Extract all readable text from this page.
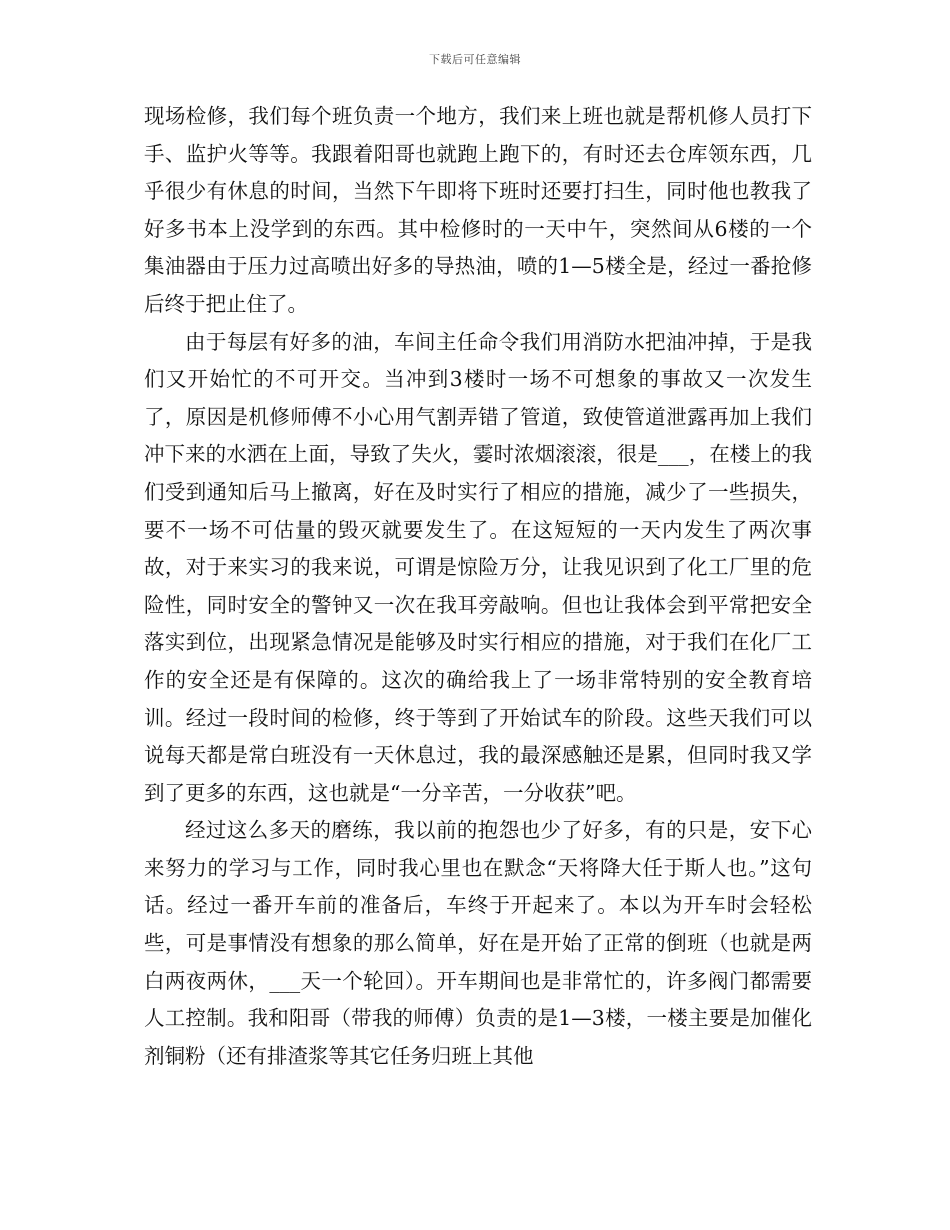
下载后可任意编辑

现场检修，我们每个班负责一个地方，我们来上班也就是帮机修人员打下手、监护火等等。我跟着阳哥也就跑上跑下的，有时还去仓库领东西，几乎很少有休息的时间，当然下午即将下班时还要打扫生，同时他也教我了好多书本上没学到的东西。其中检修时的一天中午，突然间从6楼的一个集油器由于压力过高喷出好多的导热油，喷的1—5楼全是，经过一番抢修后终于把止住了。

由于每层有好多的油，车间主任命令我们用消防水把油冲掉，于是我们又开始忙的不可开交。当冲到3楼时一场不可想象的事故又一次发生了，原因是机修师傅不小心用气割弄错了管道，致使管道泄露再加上我们冲下来的水洒在上面，导致了失火，霎时浓烟滚滚，很是___，在楼上的我们受到通知后马上撤离，好在及时实行了相应的措施，减少了一些损失，要不一场不可估量的毁灭就要发生了。在这短短的一天内发生了两次事故，对于来实习的我来说，可谓是惊险万分，让我见识到了化工厂里的危险性，同时安全的警钟又一次在我耳旁敲响。但也让我体会到平常把安全落实到位，出现紧急情况是能够及时实行相应的措施，对于我们在化厂工作的安全还是有保障的。这次的确给我上了一场非常特别的安全教育培训。经过一段时间的检修，终于等到了开始试车的阶段。这些天我们可以说每天都是常白班没有一天休息过，我的最深感触还是累，但同时我又学到了更多的东西，这也就是“一分辛苦，一分收获”吧。

经过这么多天的磨练，我以前的抱怨也少了好多，有的只是，安下心来努力的学习与工作，同时我心里也在默念“天将降大任于斯人也。”这句话。经过一番开车前的准备后，车终于开起来了。本以为开车时会轻松些，可是事情没有想象的那么简单，好在是开始了正常的倒班（也就是两白两夜两休，___天一个轮回）。开车期间也是非常忙的，许多阀门都需要人工控制。我和阳哥（带我的师傅）负责的是1—3楼，一楼主要是加催化剂铜粉（还有排渣浆等其它任务归班上其他
